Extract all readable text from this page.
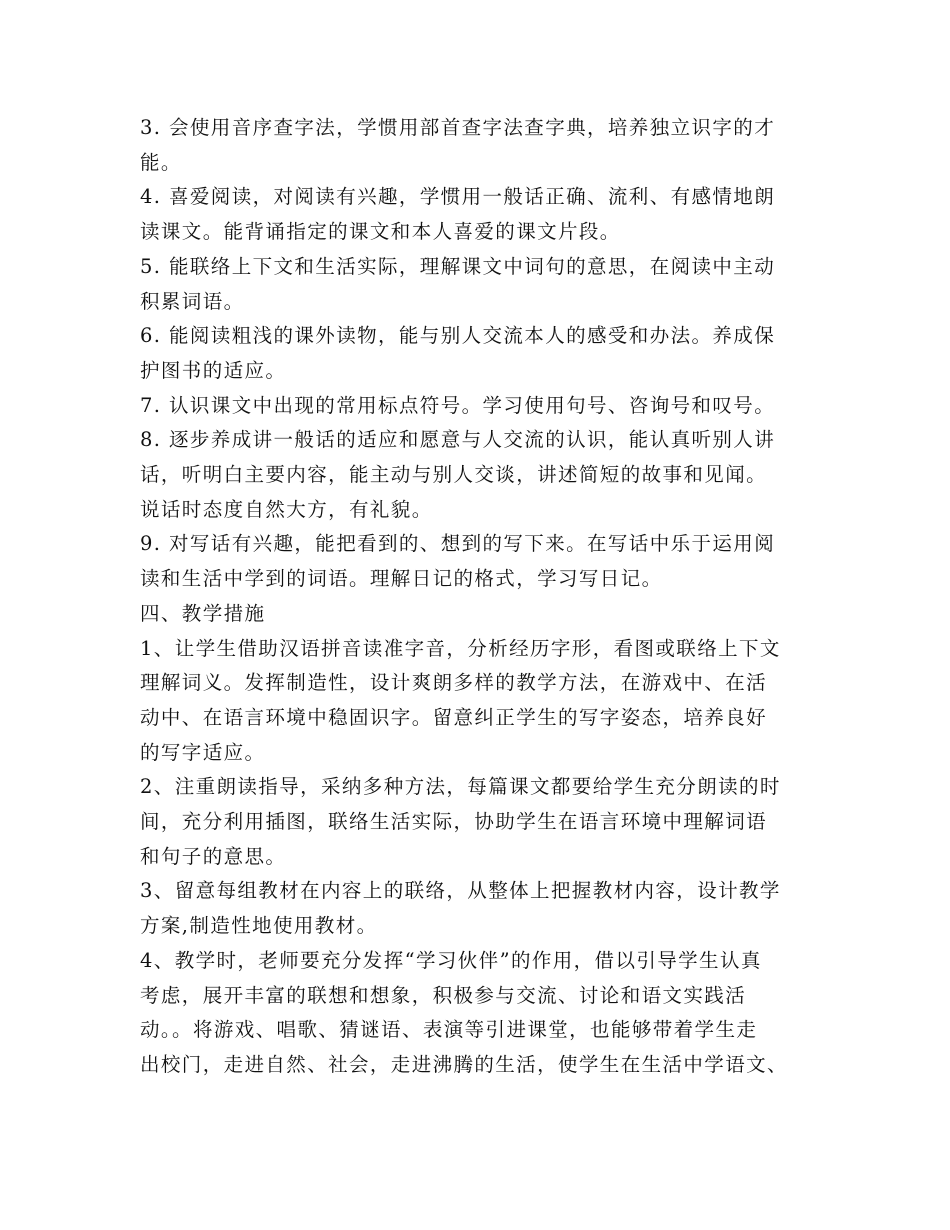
3. 会使用音序查字法，学惯用部首查字法查字典，培养独立识字的才
能。
4. 喜爱阅读，对阅读有兴趣，学惯用一般话正确、流利、有感情地朗
读课文。能背诵指定的课文和本人喜爱的课文片段。
5. 能联络上下文和生活实际，理解课文中词句的意思，在阅读中主动
积累词语。
6. 能阅读粗浅的课外读物，能与别人交流本人的感受和办法。养成保
护图书的适应。
7. 认识课文中出现的常用标点符号。学习使用句号、咨询号和叹号。
8. 逐步养成讲一般话的适应和愿意与人交流的认识，能认真听别人讲
话，听明白主要内容，能主动与别人交谈，讲述简短的故事和见闻。
说话时态度自然大方，有礼貌。
9. 对写话有兴趣，能把看到的、想到的写下来。在写话中乐于运用阅
读和生活中学到的词语。理解日记的格式，学习写日记。
四、教学措施
1、让学生借助汉语拼音读准字音，分析经历字形，看图或联络上下文
理解词义。发挥制造性，设计爽朗多样的教学方法，在游戏中、在活
动中、在语言环境中稳固识字。留意纠正学生的写字姿态，培养良好
的写字适应。
2、注重朗读指导，采纳多种方法，每篇课文都要给学生充分朗读的时
间，充分利用插图，联络生活实际，协助学生在语言环境中理解词语
和句子的意思。
3、留意每组教材在内容上的联络，从整体上把握教材内容，设计教学
方案,制造性地使用教材。
4、教学时，老师要充分发挥“学习伙伴”的作用，借以引导学生认真
考虑，展开丰富的联想和想象，积极参与交流、讨论和语文实践活
动。。将游戏、唱歌、猜谜语、表演等引进课堂，也能够带着学生走
出校门，走进自然、社会，走进沸腾的生活，使学生在生活中学语文、
